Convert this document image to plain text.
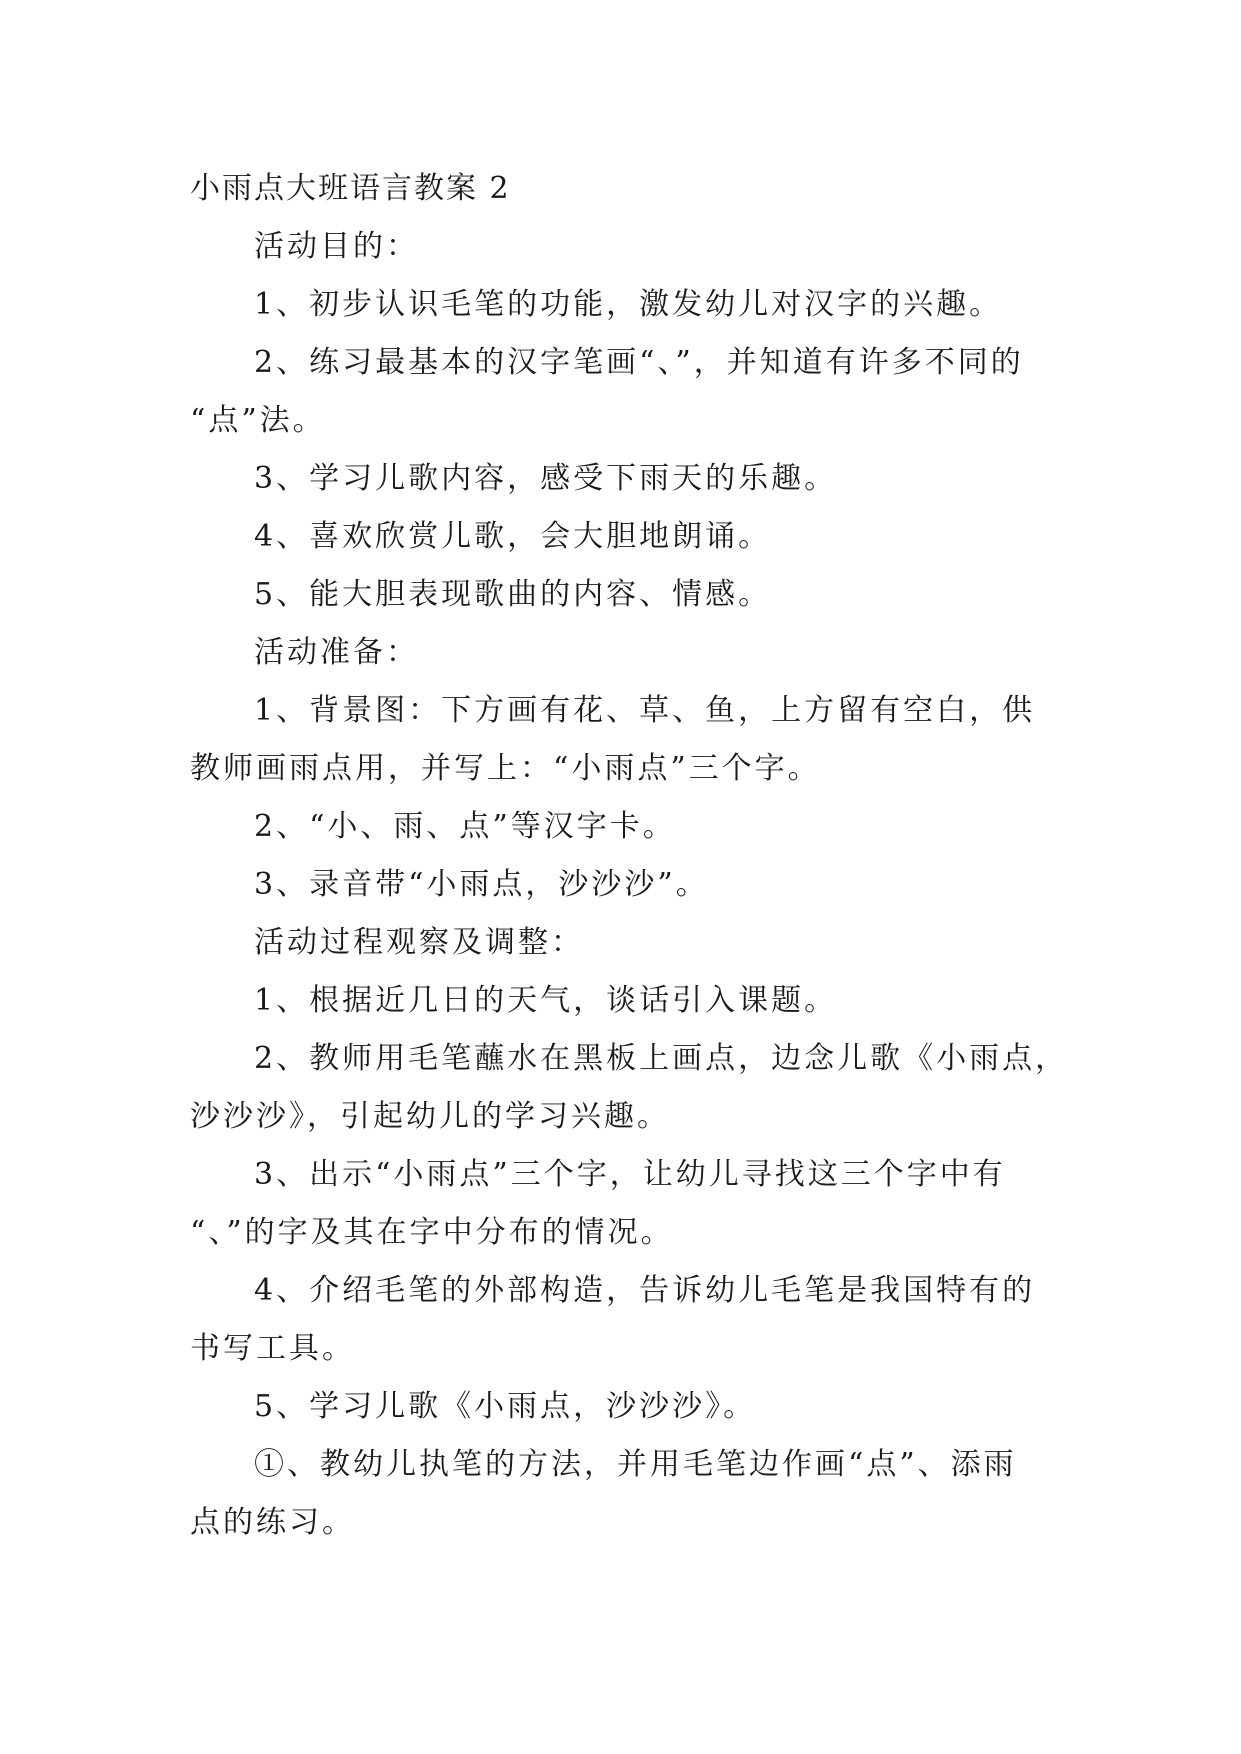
小雨点大班语言教案 2
活动目的：
1、初步认识毛笔的功能，激发幼儿对汉字的兴趣。
2、练习最基本的汉字笔画“、”，并知道有许多不同的
“点”法。
3、学习儿歌内容，感受下雨天的乐趣。
4、喜欢欣赏儿歌，会大胆地朗诵。
5、能大胆表现歌曲的内容、情感。
活动准备：
1、背景图：下方画有花、草、鱼，上方留有空白，供
教师画雨点用，并写上：“小雨点”三个字。
2、“小、雨、点”等汉字卡。
3、录音带“小雨点，沙沙沙”。
活动过程观察及调整：
1、根据近几日的天气，谈话引入课题。
2、教师用毛笔蘸水在黑板上画点，边念儿歌《小雨点，
沙沙沙》，引起幼儿的学习兴趣。
3、出示“小雨点”三个字，让幼儿寻找这三个字中有
“、”的字及其在字中分布的情况。
4、介绍毛笔的外部构造，告诉幼儿毛笔是我国特有的
书写工具。
5、学习儿歌《小雨点，沙沙沙》。
①、教幼儿执笔的方法，并用毛笔边作画“点”、添雨
点的练习。
